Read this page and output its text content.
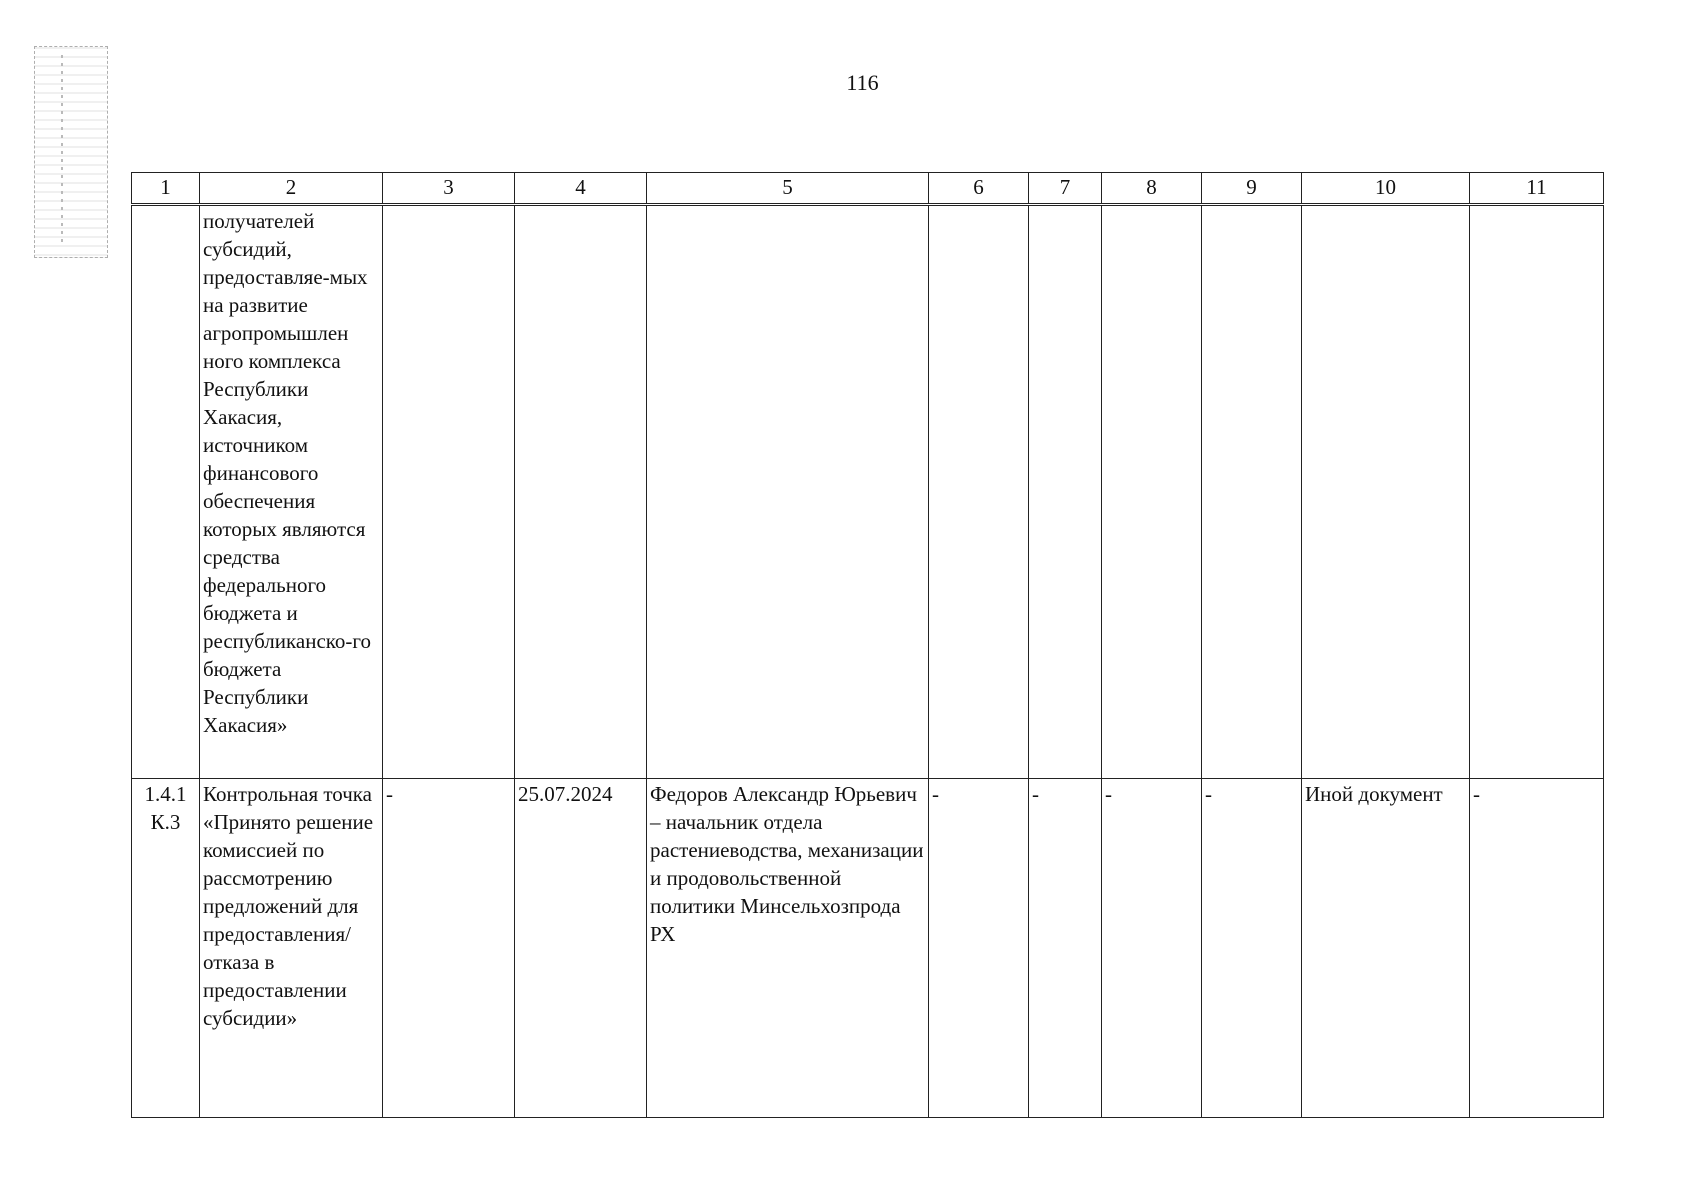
116
1	2	3	4	5	6	7	8	9	10	11
	получателей субсидий, предоставляе-мых на развитие агропромышлен ного комплекса Республики Хакасия, источником финансового обеспечения которых являются средства федерального бюджета и республиканско-го бюджета Республики Хакасия»									
1.4.1 К.3	Контрольная точка «Принято решение комиссией по рассмотрению предложений для предоставления/ отказа в предоставлении субсидии»	-	25.07.2024	Федоров Александр Юрьевич – начальник отдела растениеводства, механизации и продовольственной политики Минсельхозпрода РХ	-	-	-	-	Иной документ	-
